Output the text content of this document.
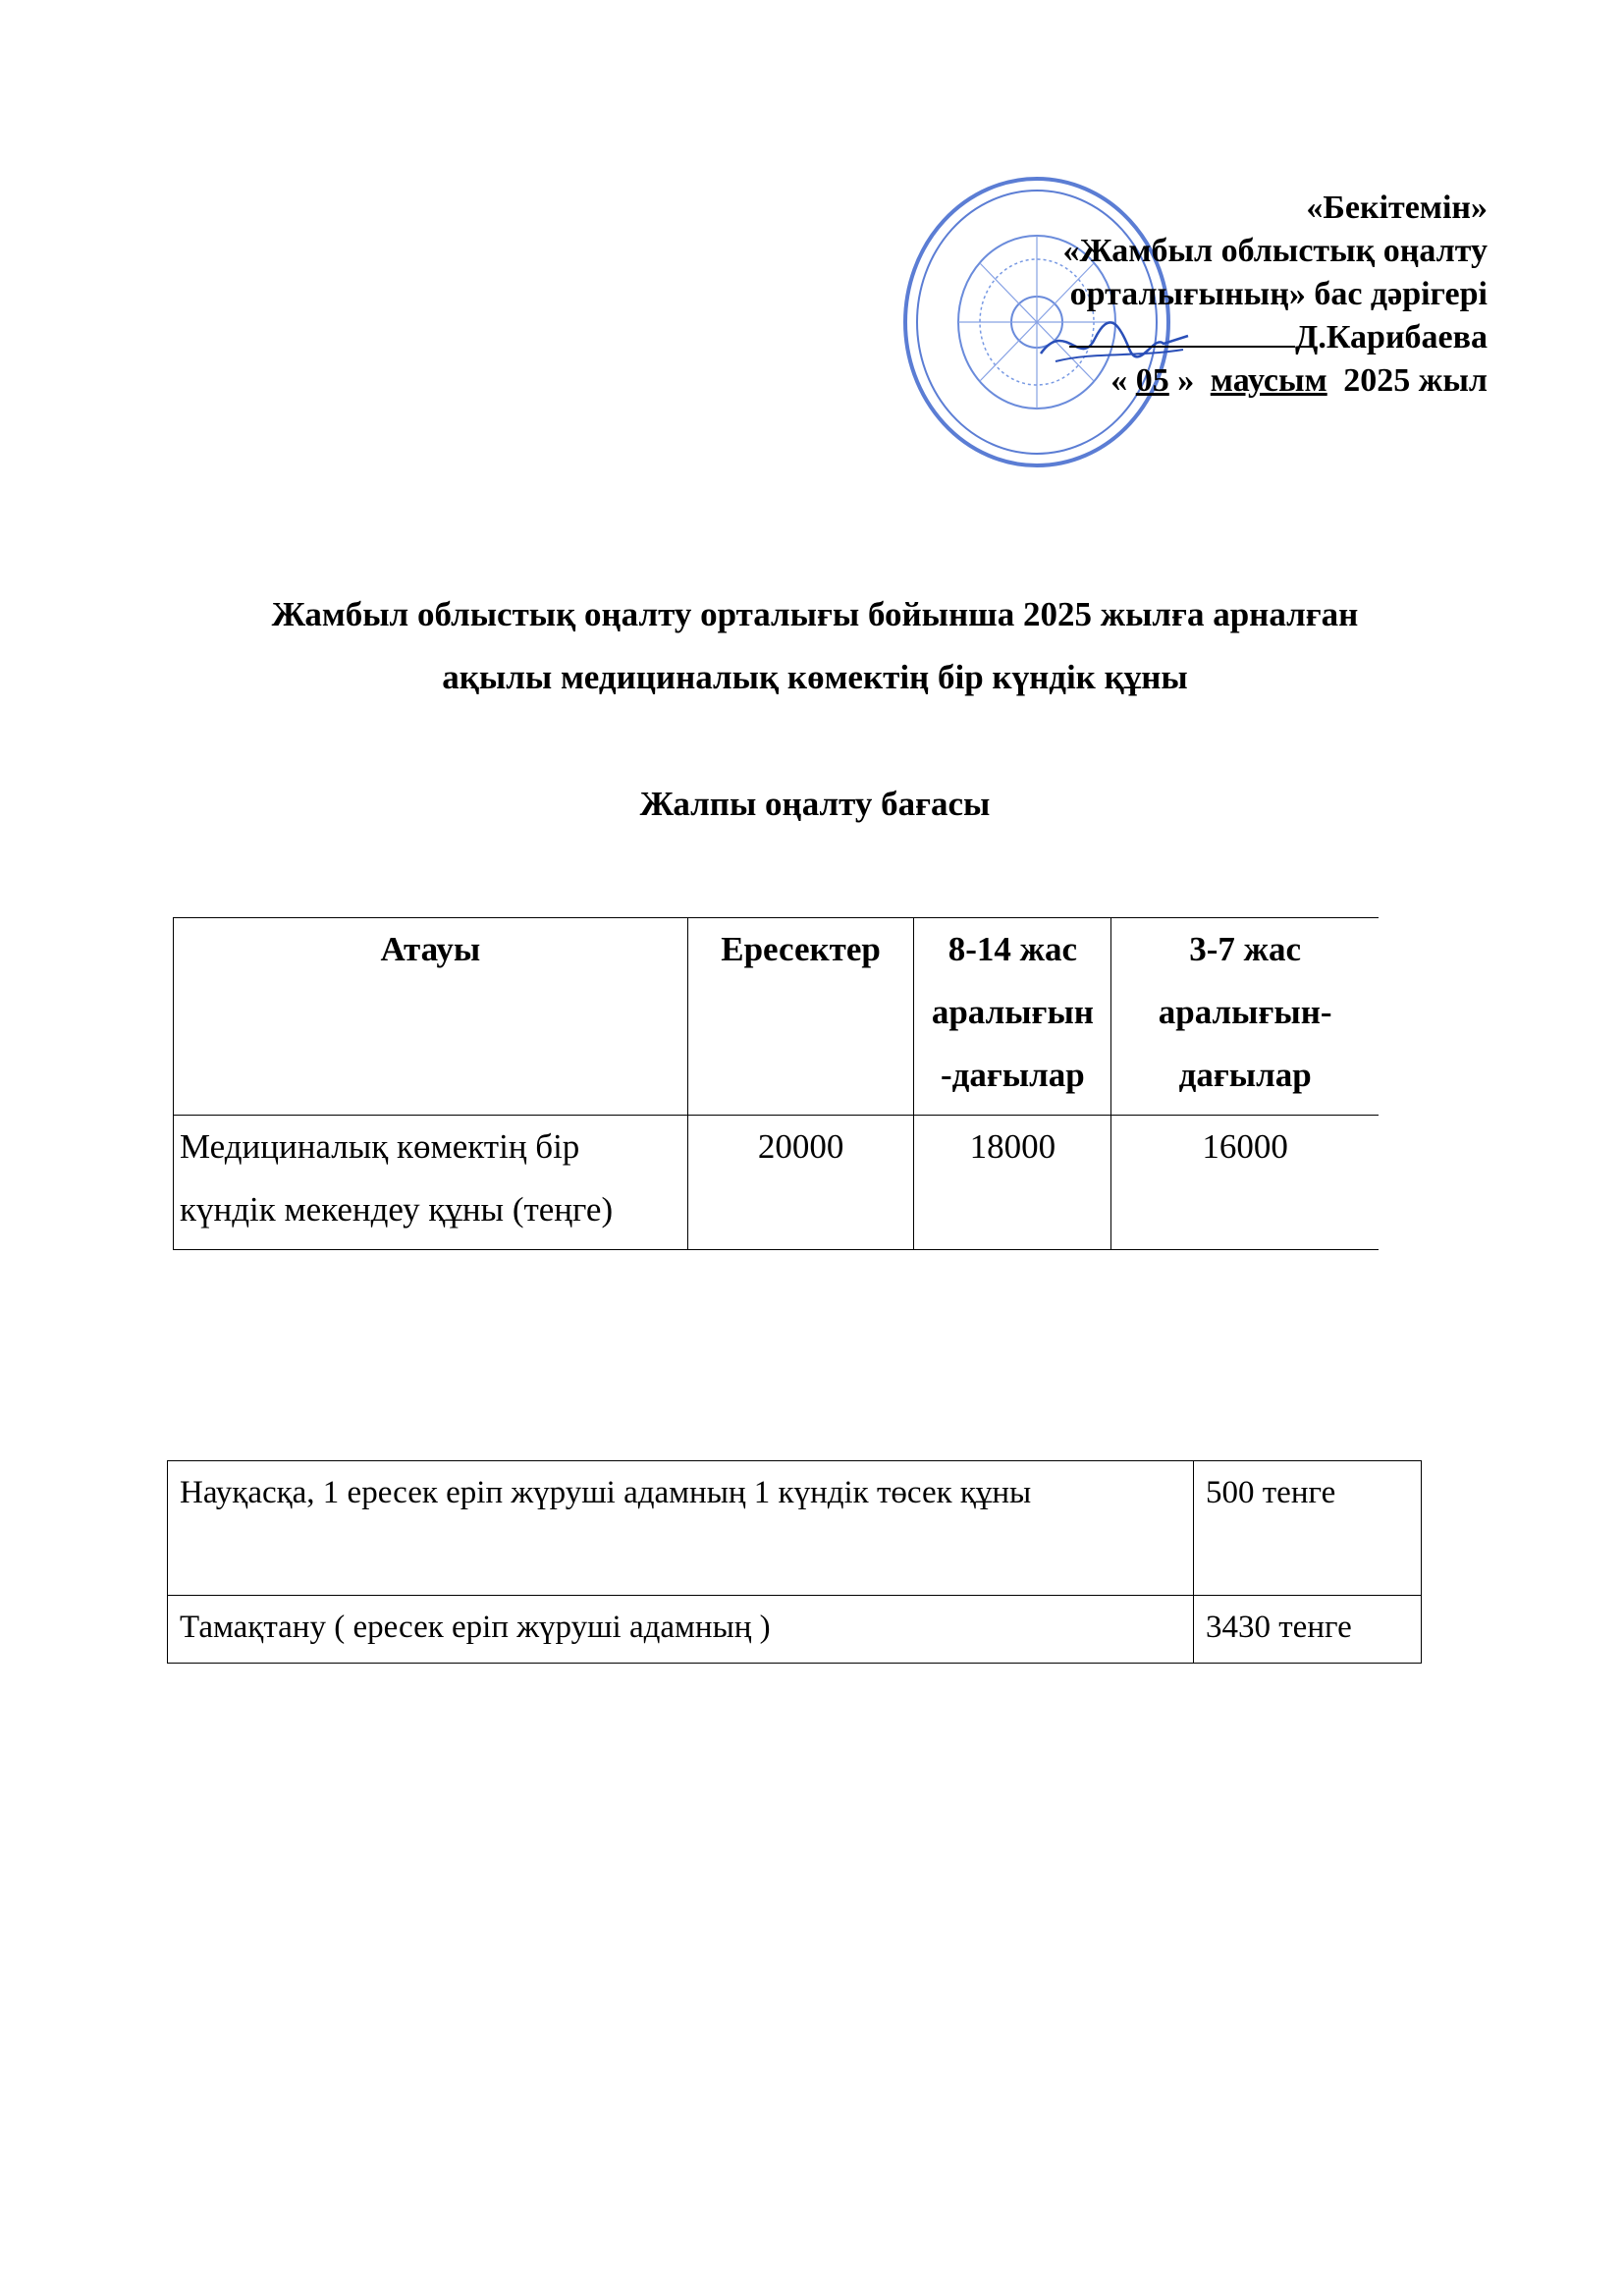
«Бекітемін»
«Жамбыл облыстық оңалту
орталығының» бас дәрігері
Д.Карибаева
« 05 » маусым 2025 жыл
Жамбыл облыстық оңалту орталығы бойынша 2025 жылға арналған
ақылы медициналық көмектің бір күндік құны
Жалпы оңалту бағасы
Атауы	Ересектер	8-14 жас аралығын -дағылар	3-7 жас аралығын-дағылар
Медициналық көмектің бір күндік мекендеу құны (теңге)	20000	18000	16000
Науқасқа, 1 ересек еріп жүруші адамның 1 күндік төсек құны	500 тенге
Тамақтану ( ересек еріп жүруші адамның )	3430 тенге
